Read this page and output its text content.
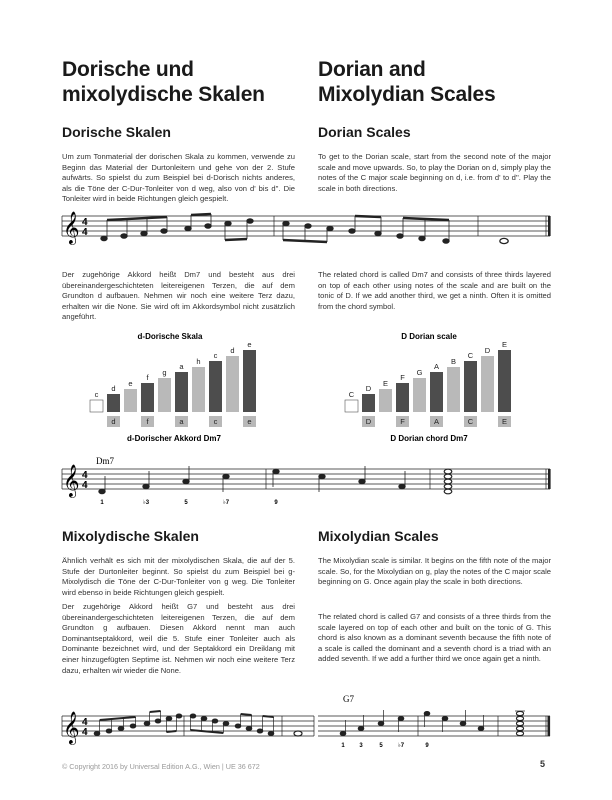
Dorische und
mixolydische Skalen
Dorian and
Mixolydian Scales
Dorische Skalen	Dorian Scales
Um zum Tonmaterial der dorischen Skala zu kommen, verwende zu Beginn das Material der Durtonleitern und gehe von der 2. Stufe aufwärts. So spielst du zum Beispiel bei d-Dorisch nichts anderes, als die Töne der C-Dur-Tonleiter von d weg, also von d' bis d''. Die Tonleiter wird in beide Richtungen gleich gespielt.
To get to the Dorian scale, start from the second note of the major scale and move upwards. So, to play the Dorian on d, simply play the notes of the C major scale beginning on d, i.e. from d' to d''. Play the scale in both directions.
𝄞 4
4
Der zugehörige Akkord heißt Dm7 und besteht aus drei übereinandergeschichteten leitereigenen Terzen, die auf dem Grundton d aufbauen. Nehmen wir noch eine weitere Terz dazu, erhalten wir die None. Sie wird oft im Akkordsymbol nicht zusätzlich angeführt.
The related chord is called Dm7 and consists of three thirds layered on top of each other using notes of the scale and are built on the tonic of D. If we add another third, we get a ninth. Often it is omitted from the chord symbol.
d-Dorische Skala
c
d
e
f
g
a
h
c
d
e
d	f	a	c	e
d-Dorischer Akkord Dm7
D Dorian scale
C
D
E
F
G
A
B
C
D
E
D	F	A	C	E
D Dorian chord Dm7
Dm7
𝄞 4
4
1	♭3	5	♭7	9
Mixolydische Skalen	Mixolydian Scales
Ähnlich verhält es sich mit der mixolydischen Skala, die auf der 5. Stufe der Durtonleiter beginnt. So spielst du zum Beispiel bei g-Mixolydisch die Töne der C-Dur-Tonleiter von g weg. Die Tonleiter wird ebenso in beide Richtungen gleich gespielt.
The Mixolydian scale is similar. It begins on the fifth note of the major scale. So, for the Mixolydian on g, play the notes of the C major scale beginning on G. Once again play the scale in both directions.
Der zugehörige Akkord heißt G7 und besteht aus drei übereinandergeschichteten leitereigenen Terzen, die auf dem Grundton g aufbauen. Diesen Akkord nennt man auch Dominantseptakkord, weil die 5. Stufe einer Tonleiter auch als Dominante bezeichnet wird, und der Septakkord ein Dreiklang mit einer hinzugefügten Septime ist. Nehmen wir noch eine weitere Terz dazu, erhalten wir wieder die None.
The related chord is called G7 and consists of a three thirds from the scale layered on top of each other and built on the tonic of G. This chord is also known as a dominant seventh because the fifth note of a scale is called the dominant and a seventh chord is a triad with an added seventh. If we add a further third we once again get a ninth.
𝄞 4
4
G7
1 3	5	♭7	9
© Copyright 2016 by Universal Edition A.G., Wien | UE 36 672	5
